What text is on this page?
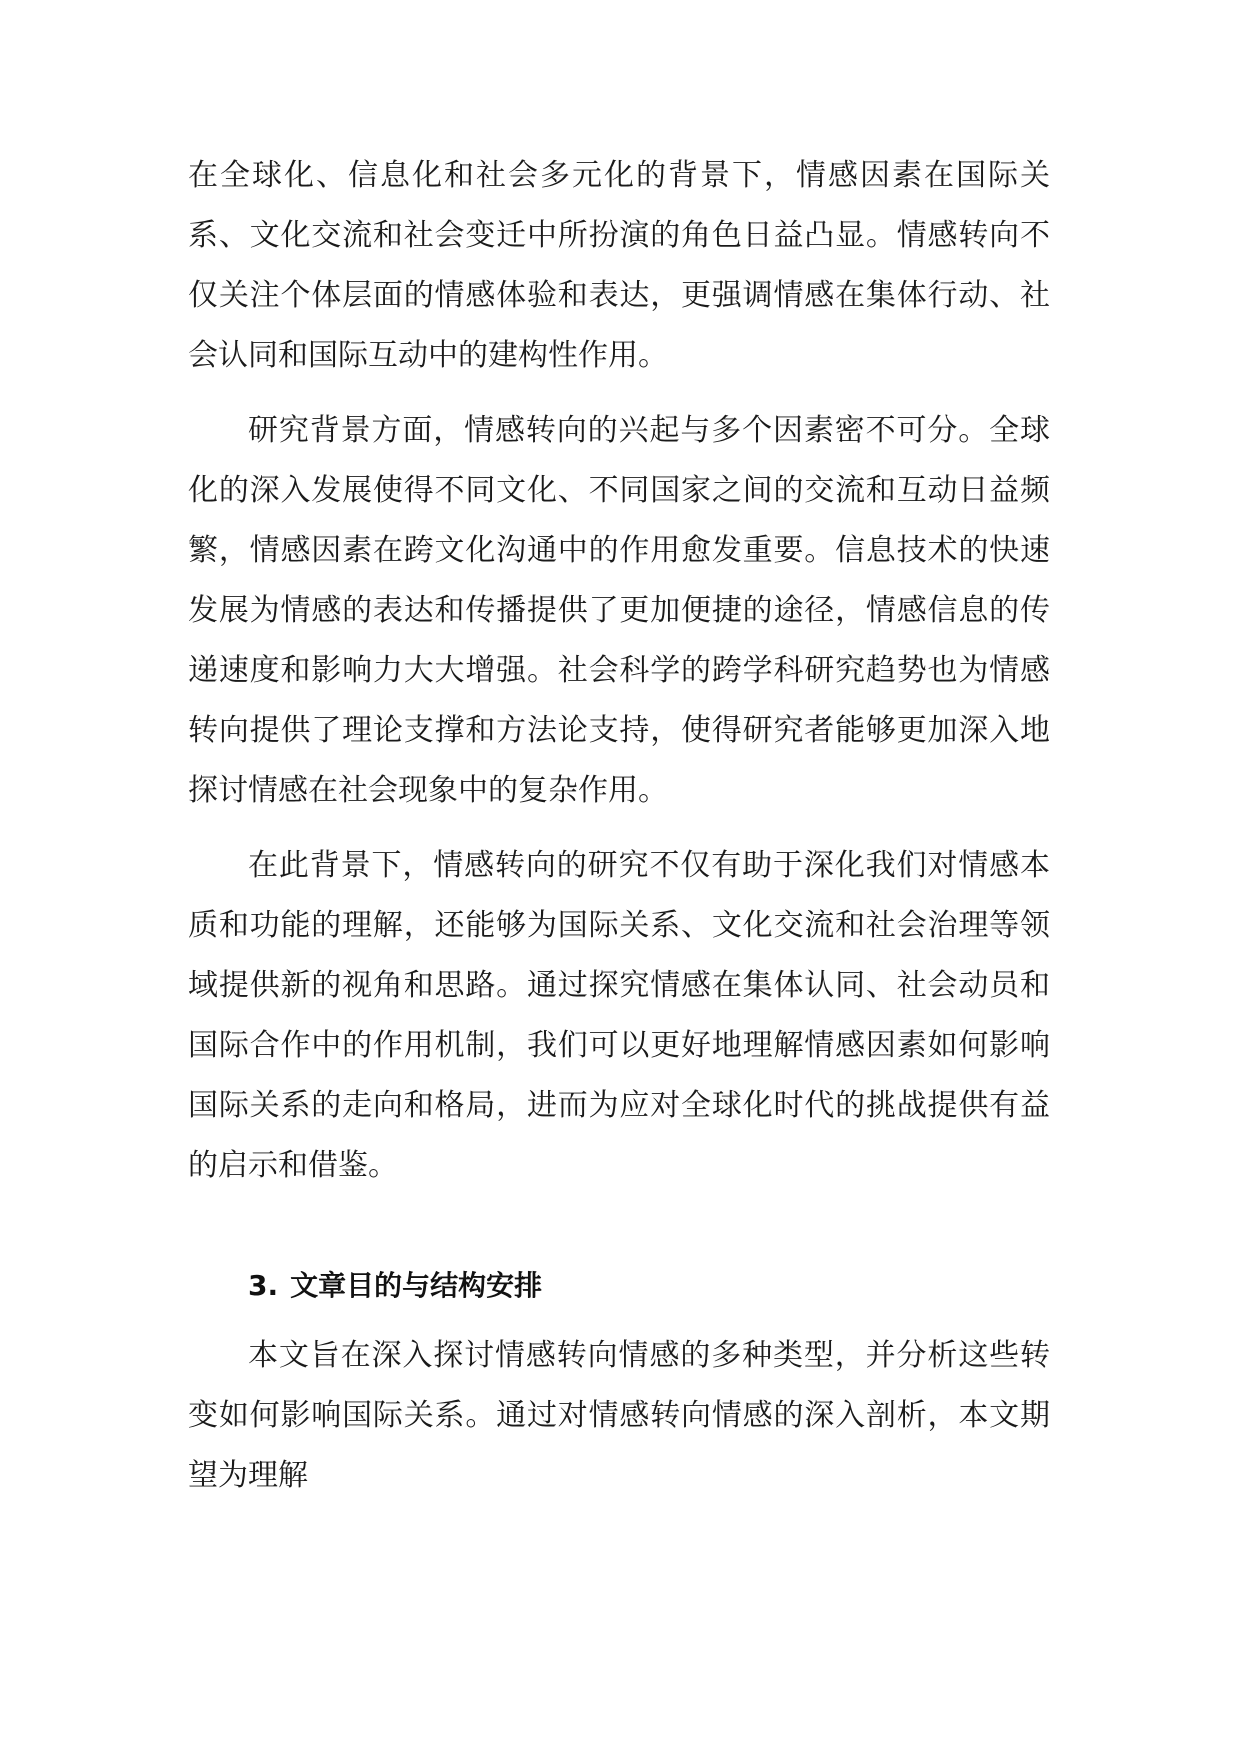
在全球化、信息化和社会多元化的背景下，情感因素在国际关系、文化交流和社会变迁中所扮演的角色日益凸显。情感转向不仅关注个体层面的情感体验和表达，更强调情感在集体行动、社会认同和国际互动中的建构性作用。

研究背景方面，情感转向的兴起与多个因素密不可分。全球化的深入发展使得不同文化、不同国家之间的交流和互动日益频繁，情感因素在跨文化沟通中的作用愈发重要。信息技术的快速发展为情感的表达和传播提供了更加便捷的途径，情感信息的传递速度和影响力大大增强。社会科学的跨学科研究趋势也为情感转向提供了理论支撑和方法论支持，使得研究者能够更加深入地探讨情感在社会现象中的复杂作用。

在此背景下，情感转向的研究不仅有助于深化我们对情感本质和功能的理解，还能够为国际关系、文化交流和社会治理等领域提供新的视角和思路。通过探究情感在集体认同、社会动员和国际合作中的作用机制，我们可以更好地理解情感因素如何影响国际关系的走向和格局，进而为应对全球化时代的挑战提供有益的启示和借鉴。

3. 文章目的与结构安排

本文旨在深入探讨情感转向情感的多种类型，并分析这些转变如何影响国际关系。通过对情感转向情感的深入剖析，本文期望为理解
